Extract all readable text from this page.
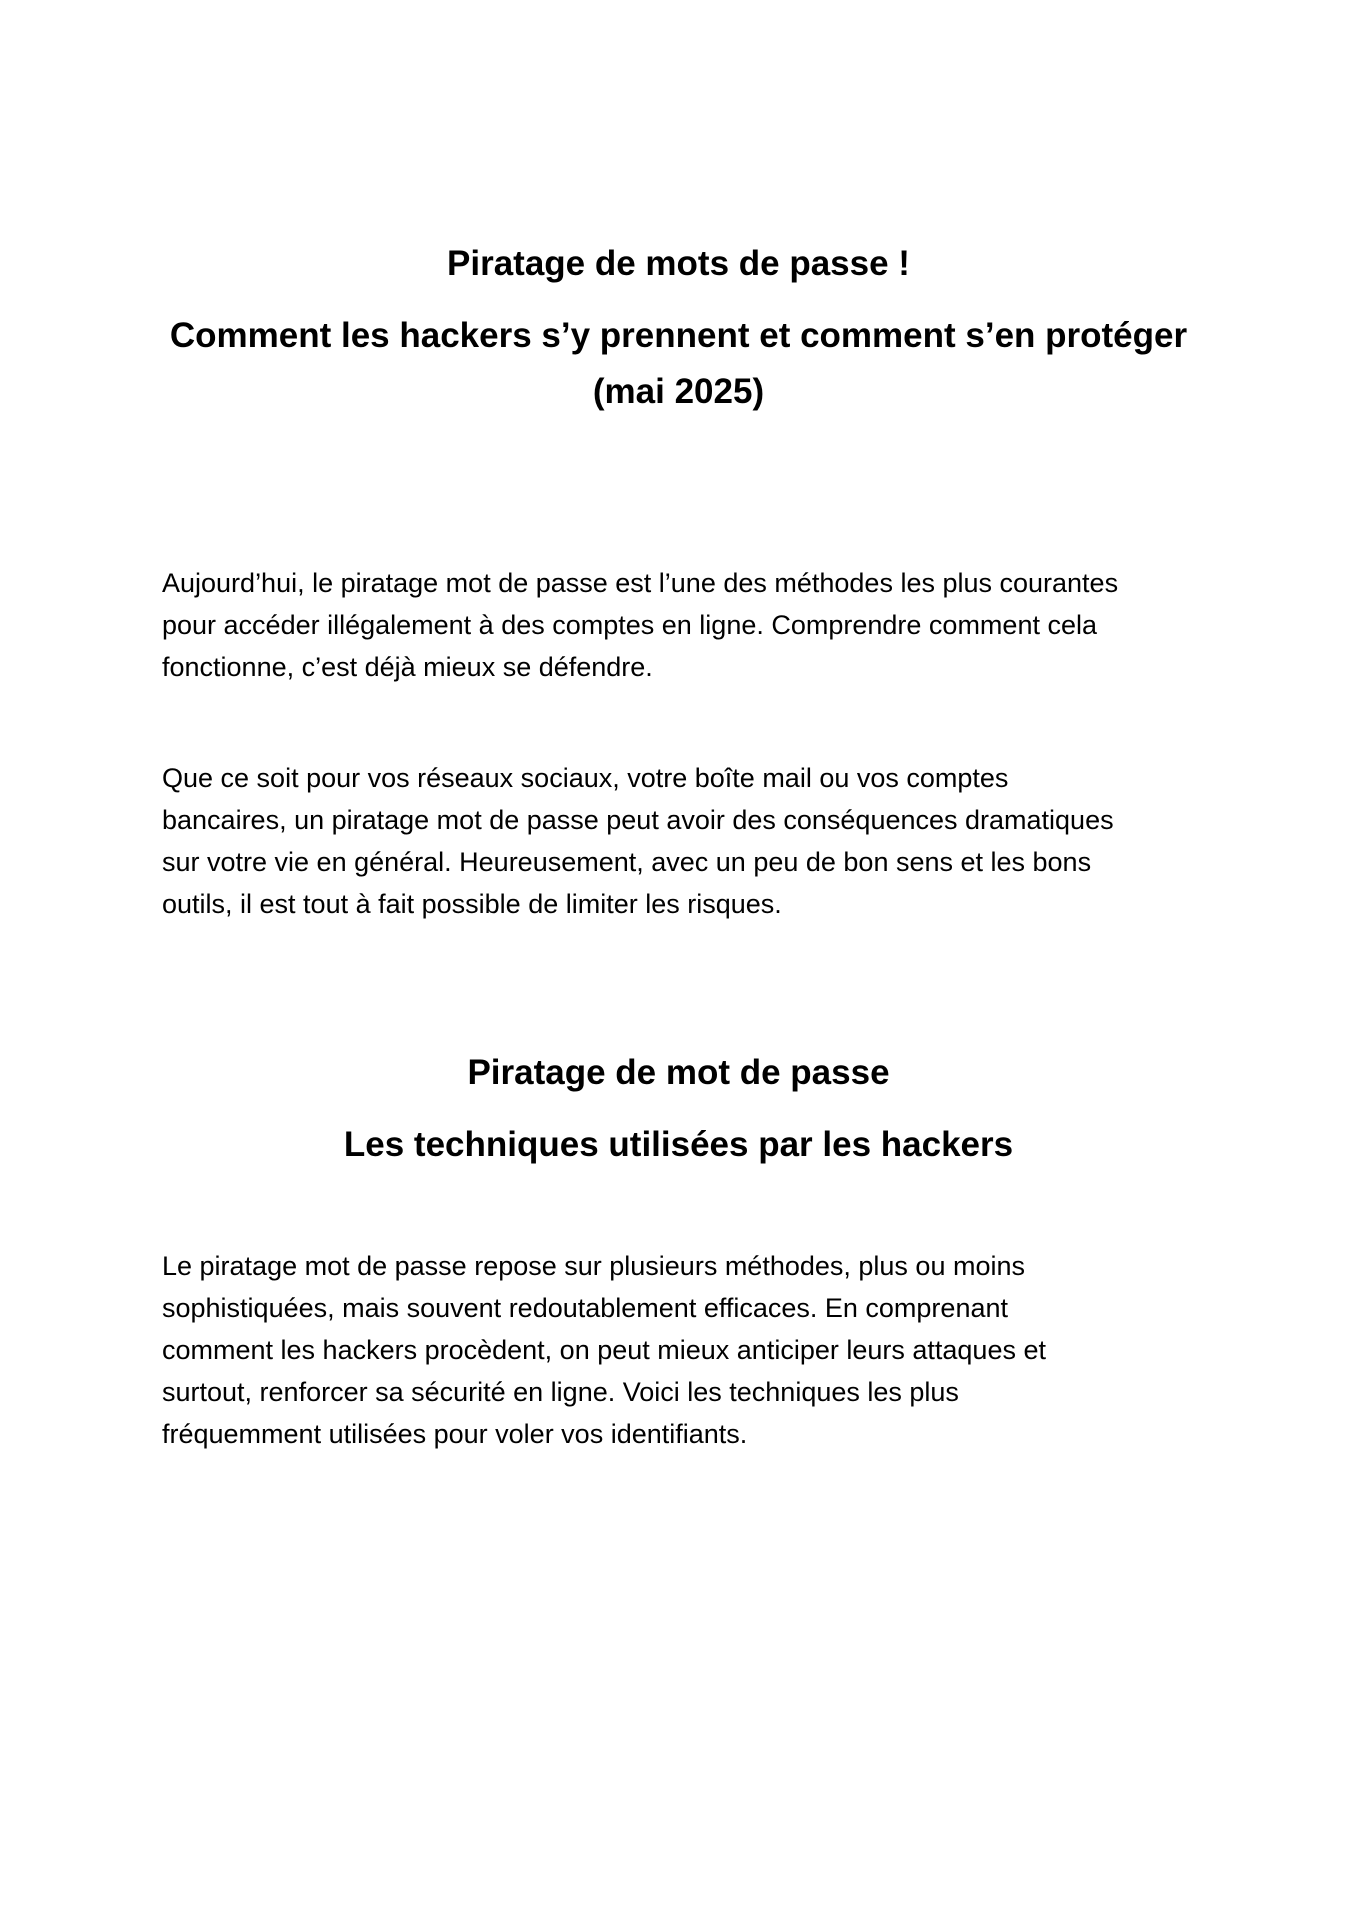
Piratage de mots de passe !
Comment les hackers s’y prennent et comment s’en protéger
(mai 2025)
Aujourd’hui, le piratage mot de passe est l’une des méthodes les plus courantes
pour accéder illégalement à des comptes en ligne. Comprendre comment cela
fonctionne, c’est déjà mieux se défendre.
Que ce soit pour vos réseaux sociaux, votre boîte mail ou vos comptes
bancaires, un piratage mot de passe peut avoir des conséquences dramatiques
sur votre vie en général. Heureusement, avec un peu de bon sens et les bons
outils, il est tout à fait possible de limiter les risques.
Piratage de mot de passe
Les techniques utilisées par les hackers
Le piratage mot de passe repose sur plusieurs méthodes, plus ou moins
sophistiquées, mais souvent redoutablement efficaces. En comprenant
comment les hackers procèdent, on peut mieux anticiper leurs attaques et
surtout, renforcer sa sécurité en ligne. Voici les techniques les plus
fréquemment utilisées pour voler vos identifiants.
